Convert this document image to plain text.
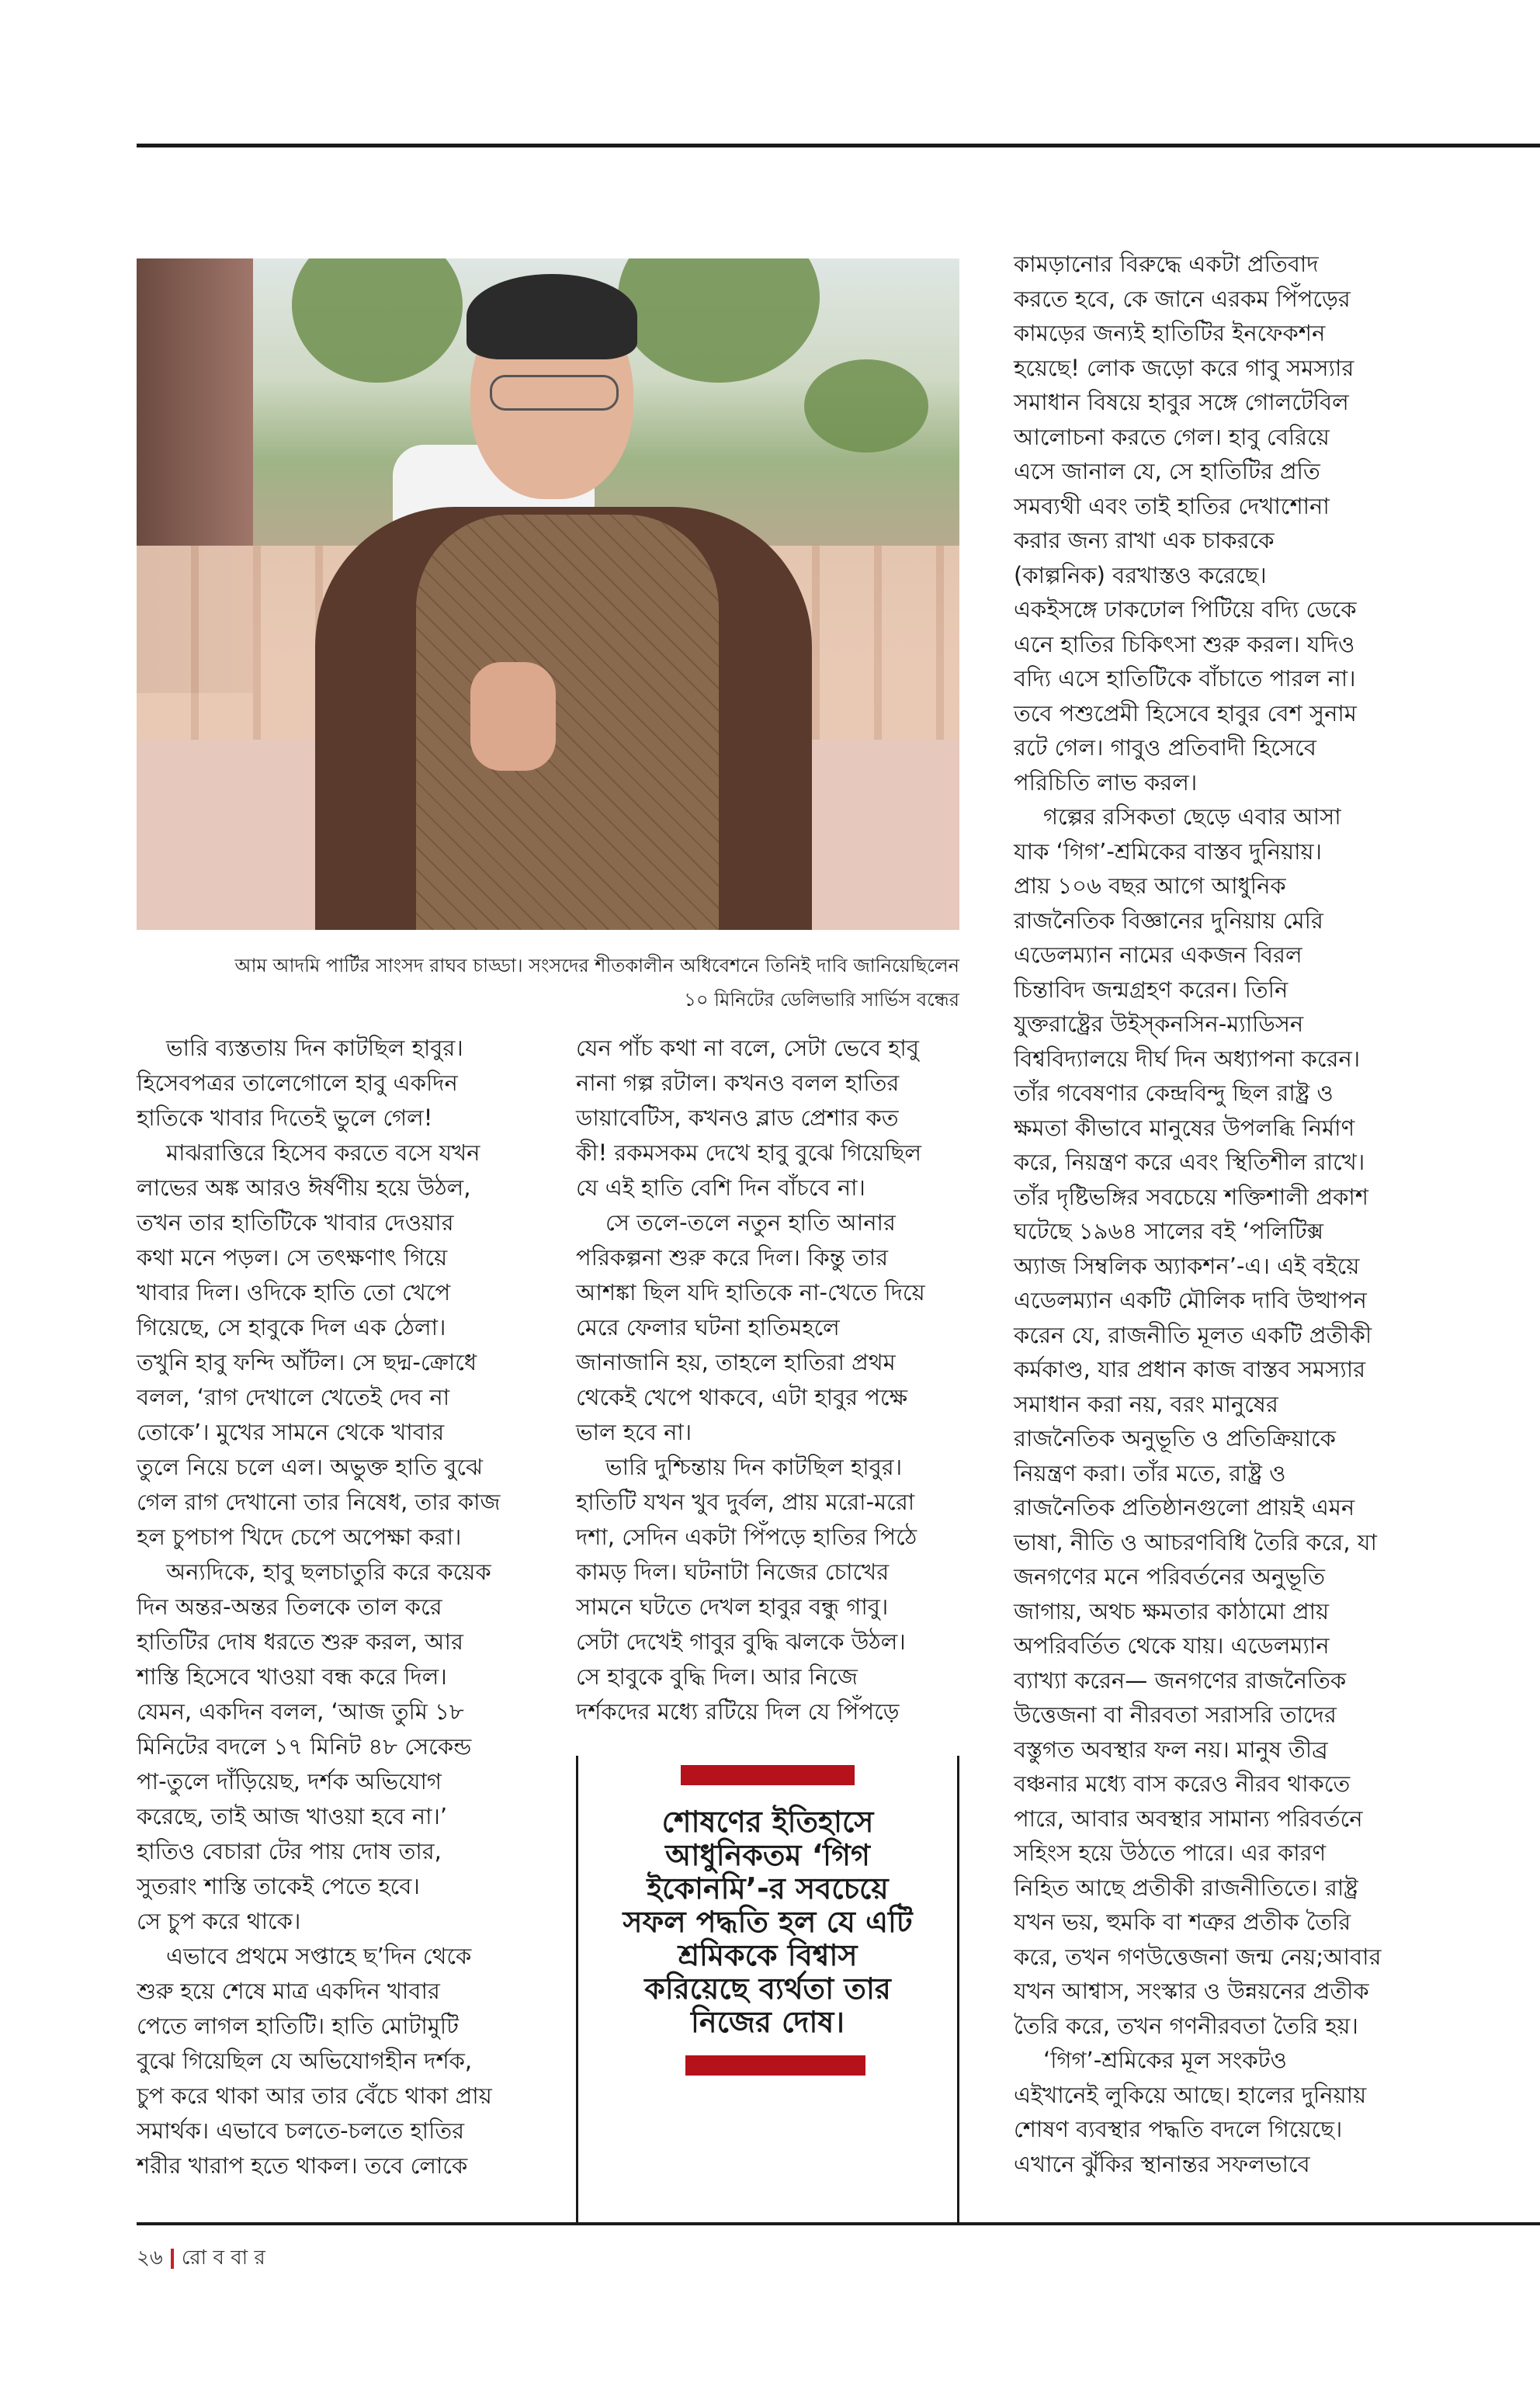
আম আদমি পার্টির সাংসদ রাঘব চাড্ডা। সংসদের শীতকালীন অধিবেশনে তিনিই দাবি জানিয়েছিলেন
১০ মিনিটের ডেলিভারি সার্ভিস বন্ধের
ভারি ব্যস্ততায় দিন কাটছিল হাবুর।
হিসেবপত্রর তালেগোলে হাবু একদিন
হাতিকে খাবার দিতেই ভুলে গেল!
মাঝরাত্তিরে হিসেব করতে বসে যখন
লাভের অঙ্ক আরও ঈর্ষণীয় হয়ে উঠল,
তখন তার হাতিটিকে খাবার দেওয়ার
কথা মনে পড়ল। সে তৎক্ষণাৎ গিয়ে
খাবার দিল। ওদিকে হাতি তো খেপে
গিয়েছে, সে হাবুকে দিল এক ঠেলা।
তখুনি হাবু ফন্দি আঁটল। সে ছদ্ম-ক্রোধে
বলল, ‘রাগ দেখালে খেতেই দেব না
তোকে’। মুখের সামনে থেকে খাবার
তুলে নিয়ে চলে এল। অভুক্ত হাতি বুঝে
গেল রাগ দেখানো তার নিষেধ, তার কাজ
হল চুপচাপ খিদে চেপে অপেক্ষা করা।
অন্যদিকে, হাবু ছলচাতুরি করে কয়েক
দিন অন্তর-অন্তর তিলকে তাল করে
হাতিটির দোষ ধরতে শুরু করল, আর
শাস্তি হিসেবে খাওয়া বন্ধ করে দিল।
যেমন, একদিন বলল, ‘আজ তুমি ১৮
মিনিটের বদলে ১৭ মিনিট ৪৮ সেকেন্ড
পা-তুলে দাঁড়িয়েছ, দর্শক অভিযোগ
করেছে, তাই আজ খাওয়া হবে না।’
হাতিও বেচারা টের পায় দোষ তার,
সুতরাং শাস্তি তাকেই পেতে হবে।
সে চুপ করে থাকে।
এভাবে প্রথমে সপ্তাহে ছ’দিন থেকে
শুরু হয়ে শেষে মাত্র একদিন খাবার
পেতে লাগল হাতিটি। হাতি মোটামুটি
বুঝে গিয়েছিল যে অভিযোগহীন দর্শক,
চুপ করে থাকা আর তার বেঁচে থাকা প্রায়
সমার্থক। এভাবে চলতে-চলতে হাতির
শরীর খারাপ হতে থাকল। তবে লোকে
যেন পাঁচ কথা না বলে, সেটা ভেবে হাবু
নানা গল্প রটাল। কখনও বলল হাতির
ডায়াবেটিস, কখনও ব্লাড প্রেশার কত
কী! রকমসকম দেখে হাবু বুঝে গিয়েছিল
যে এই হাতি বেশি দিন বাঁচবে না।
সে তলে-তলে নতুন হাতি আনার
পরিকল্পনা শুরু করে দিল। কিন্তু তার
আশঙ্কা ছিল যদি হাতিকে না-খেতে দিয়ে
মেরে ফেলার ঘটনা হাতিমহলে
জানাজানি হয়, তাহলে হাতিরা প্রথম
থেকেই খেপে থাকবে, এটা হাবুর পক্ষে
ভাল হবে না।
ভারি দুশ্চিন্তায় দিন কাটছিল হাবুর।
হাতিটি যখন খুব দুর্বল, প্রায় মরো-মরো
দশা, সেদিন একটা পিঁপড়ে হাতির পিঠে
কামড় দিল। ঘটনাটা নিজের চোখের
সামনে ঘটতে দেখল হাবুর বন্ধু গাবু।
সেটা দেখেই গাবুর বুদ্ধি ঝলকে উঠল।
সে হাবুকে বুদ্ধি দিল। আর নিজে
দর্শকদের মধ্যে রটিয়ে দিল যে পিঁপড়ে
কামড়ানোর বিরুদ্ধে একটা প্রতিবাদ
করতে হবে, কে জানে এরকম পিঁপড়ের
কামড়ের জন্যই হাতিটির ইনফেকশন
হয়েছে! লোক জড়ো করে গাবু সমস্যার
সমাধান বিষয়ে হাবুর সঙ্গে গোলটেবিল
আলোচনা করতে গেল। হাবু বেরিয়ে
এসে জানাল যে, সে হাতিটির প্রতি
সমব্যথী এবং তাই হাতির দেখাশোনা
করার জন্য রাখা এক চাকরকে
(কাল্পনিক) বরখাস্তও করেছে।
একইসঙ্গে ঢাকঢোল পিটিয়ে বদ্যি ডেকে
এনে হাতির চিকিৎসা শুরু করল। যদিও
বদ্যি এসে হাতিটিকে বাঁচাতে পারল না।
তবে পশুপ্রেমী হিসেবে হাবুর বেশ সুনাম
রটে গেল। গাবুও প্রতিবাদী হিসেবে
পরিচিতি লাভ করল।
গল্পের রসিকতা ছেড়ে এবার আসা
যাক ‘গিগ’-শ্রমিকের বাস্তব দুনিয়ায়।
প্রায় ১০৬ বছর আগে আধুনিক
রাজনৈতিক বিজ্ঞানের দুনিয়ায় মেরি
এডেলম্যান নামের একজন বিরল
চিন্তাবিদ জন্মগ্রহণ করেন। তিনি
যুক্তরাষ্ট্রের উইস্‌কনসিন-ম্যাডিসন
বিশ্ববিদ্যালয়ে দীর্ঘ দিন অধ্যাপনা করেন।
তাঁর গবেষণার কেন্দ্রবিন্দু ছিল রাষ্ট্র ও
ক্ষমতা কীভাবে মানুষের উপলব্ধি নির্মাণ
করে, নিয়ন্ত্রণ করে এবং স্থিতিশীল রাখে।
তাঁর দৃষ্টিভঙ্গির সবচেয়ে শক্তিশালী প্রকাশ
ঘটেছে ১৯৬৪ সালের বই ‘পলিটিক্স
অ্যাজ সিম্বলিক অ্যাকশন’-এ। এই বইয়ে
এডেলম্যান একটি মৌলিক দাবি উত্থাপন
করেন যে, রাজনীতি মূলত একটি প্রতীকী
কর্মকাণ্ড, যার প্রধান কাজ বাস্তব সমস্যার
সমাধান করা নয়, বরং মানুষের
রাজনৈতিক অনুভূতি ও প্রতিক্রিয়াকে
নিয়ন্ত্রণ করা। তাঁর মতে, রাষ্ট্র ও
রাজনৈতিক প্রতিষ্ঠানগুলো প্রায়ই এমন
ভাষা, নীতি ও আচরণবিধি তৈরি করে, যা
জনগণের মনে পরিবর্তনের অনুভূতি
জাগায়, অথচ ক্ষমতার কাঠামো প্রায়
অপরিবর্তিত থেকে যায়। এডেলম্যান
ব্যাখ্যা করেন— জনগণের রাজনৈতিক
উত্তেজনা বা নীরবতা সরাসরি তাদের
বস্তুগত অবস্থার ফল নয়। মানুষ তীব্র
বঞ্চনার মধ্যে বাস করেও নীরব থাকতে
পারে, আবার অবস্থার সামান্য পরিবর্তনে
সহিংস হয়ে উঠতে পারে। এর কারণ
নিহিত আছে প্রতীকী রাজনীতিতে। রাষ্ট্র
যখন ভয়, হুমকি বা শত্রুর প্রতীক তৈরি
করে, তখন গণউত্তেজনা জন্ম নেয়;আবার
যখন আশ্বাস, সংস্কার ও উন্নয়নের প্রতীক
তৈরি করে, তখন গণনীরবতা তৈরি হয়।
‘গিগ’-শ্রমিকের মূল সংকটও
এইখানেই লুকিয়ে আছে। হালের দুনিয়ায়
শোষণ ব্যবস্থার পদ্ধতি বদলে গিয়েছে।
এখানে ঝুঁকির স্থানান্তর সফলভাবে
শোষণের ইতিহাসে
আধুনিকতম ‘গিগ
ইকোনমি’-র সবচেয়ে
সফল পদ্ধতি হল যে এটি
শ্রমিককে বিশ্বাস
করিয়েছে ব্যর্থতা তার
নিজের দোষ।
২৬ রো ব বা র
